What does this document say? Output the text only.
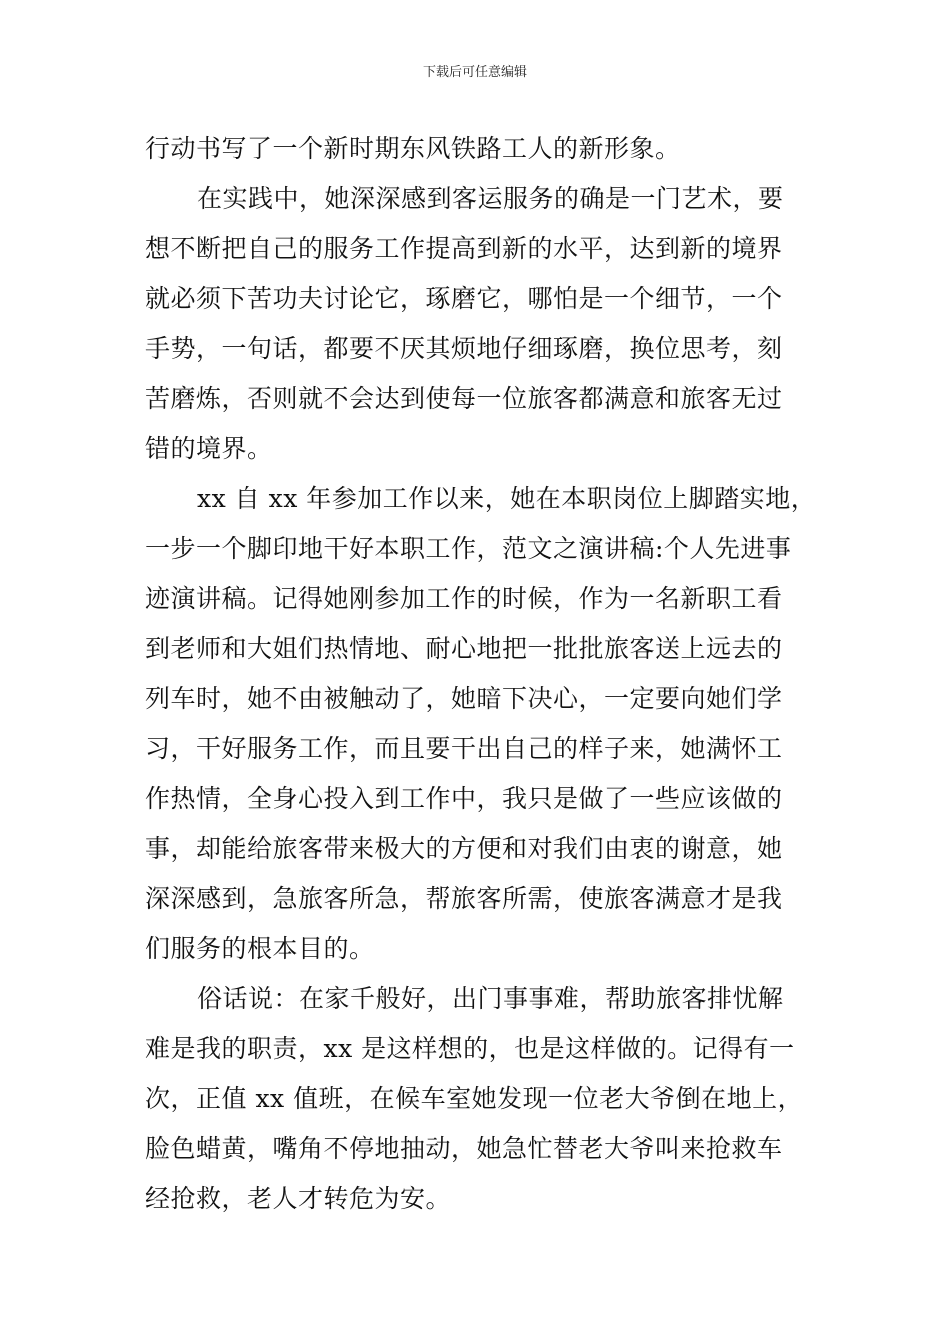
下载后可任意编辑
行动书写了一个新时期东风铁路工人的新形象。
在实践中，她深深感到客运服务的确是一门艺术，要
想不断把自己的服务工作提高到新的水平，达到新的境界
就必须下苦功夫讨论它，琢磨它，哪怕是一个细节，一个
手势，一句话，都要不厌其烦地仔细琢磨，换位思考，刻
苦磨炼，否则就不会达到使每一位旅客都满意和旅客无过
错的境界。
xx 自 xx 年参加工作以来，她在本职岗位上脚踏实地，
一步一个脚印地干好本职工作，范文之演讲稿:个人先进事
迹演讲稿。记得她刚参加工作的时候，作为一名新职工看
到老师和大姐们热情地、耐心地把一批批旅客送上远去的
列车时，她不由被触动了，她暗下决心，一定要向她们学
习，干好服务工作，而且要干出自己的样子来，她满怀工
作热情，全身心投入到工作中，我只是做了一些应该做的
事，却能给旅客带来极大的方便和对我们由衷的谢意，她
深深感到，急旅客所急，帮旅客所需，使旅客满意才是我
们服务的根本目的。
俗话说：在家千般好，出门事事难，帮助旅客排忧解
难是我的职责，xx 是这样想的，也是这样做的。记得有一
次，正值 xx 值班，在候车室她发现一位老大爷倒在地上，
脸色蜡黄，嘴角不停地抽动，她急忙替老大爷叫来抢救车
经抢救，老人才转危为安。
